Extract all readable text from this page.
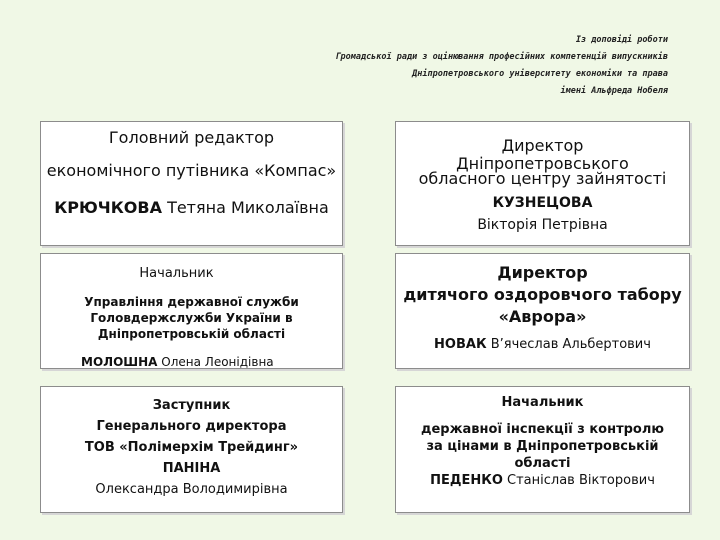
Із доповіді роботи
Громадської ради з оцінювання професійних компетенцій випускників
Дніпропетровського університету економіки та права
імені Альфреда Нобеля
Головний редактор
економічного путівника «Компас»
КРЮЧКОВА Тетяна Миколаївна
Директор
Дніпропетровського
обласного центру зайнятості
КУЗНЕЦОВА
Вікторія Петрівна
Начальник
Управління державної служби
Головдержслужби України в
Дніпропетровській області
МОЛОШНА Олена Леонідівна
Директор
дитячого оздоровчого табору
«Аврора»
НОВАК В’ячеслав Альбертович
Заступник
Генерального директора
ТОВ «Полімерхім Трейдинг»
ПАНІНА
Олександра Володимирівна
Начальник
державної інспекції з контролю
за цінами в Дніпропетровській
області
ПЕДЕНКО Станіслав Вікторович
